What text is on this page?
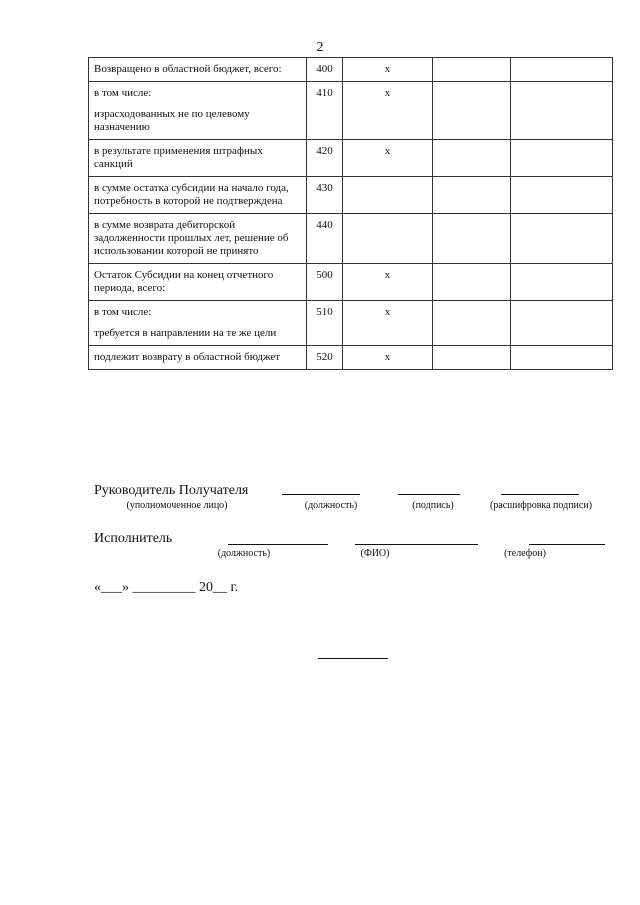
2

Возвращено в областной бюджет, всего:	400	х		

в том числе:

израсходованных не по целевому назначению	410	х		

в результате применения штрафных санкций	420	х		

в сумме остатка субсидии на начало года, потребность в которой не подтверждена	430			

в сумме возврата дебиторской задолженности прошлых лет, решение об использовании которой не принято	440			

Остаток Субсидии на конец отчетного периода, всего:	500	х		

в том числе:

требуется в направлении на те же цели	510	х		

подлежит возврату в областной бюджет	520	х		
Руководитель Получателя
(уполномоченное лицо)	(должность)	(подпись)	(расшифровка подписи)
Исполнитель
(должность)	(ФИО)	(телефон)
«___» _________ 20__ г.
